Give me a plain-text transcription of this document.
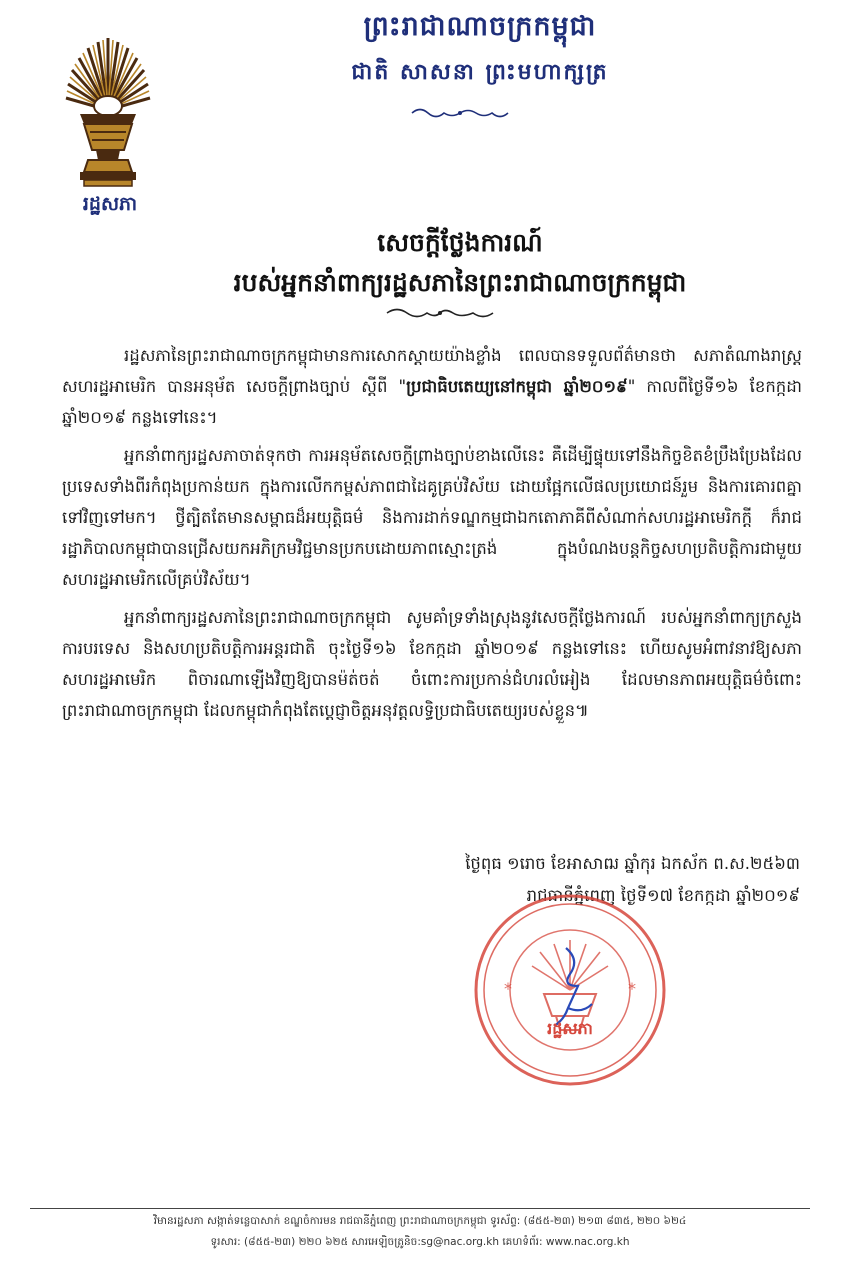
រដ្ឋសភា
ព្រះរាជាណាចក្រកម្ពុជា
ជាតិ សាសនា ព្រះមហាក្សត្រ
សេចក្តីថ្លែងការណ៍
របស់អ្នកនាំពាក្យរដ្ឋសភានៃព្រះរាជាណាចក្រកម្ពុជា

រដ្ឋសភានៃព្រះរាជាណាចក្រកម្ពុជាមានការសោកស្តាយយ៉ាងខ្លាំង ពេលបានទទួលព័ត៌មានថា សភាតំណាងរាស្ត្រសហរដ្ឋអាមេរិក បានអនុម័ត សេចក្តីព្រាងច្បាប់ ស្តីពី "ប្រជាធិបតេយ្យនៅកម្ពុជា ឆ្នាំ២០១៩" កាលពីថ្ងៃទី១៦ ខែកក្កដា ឆ្នាំ២០១៩ កន្លងទៅនេះ។

អ្នកនាំពាក្យរដ្ឋសភាចាត់ទុកថា ការអនុម័តសេចក្តីព្រាងច្បាប់ខាងលើនេះ គឺដើម្បីផ្ទុយទៅនឹងកិច្ចខិតខំប្រឹងប្រែងដែលប្រទេសទាំងពីរកំពុងប្រកាន់យក ក្នុងការលើកកម្ពស់ភាពជាដៃគូគ្រប់វិស័យ ដោយផ្អែកលើផលប្រយោជន៍រួម និងការគោរពគ្នាទៅវិញទៅមក។ ថ្វីត្បិតតែមានសម្ពាធដ៏អយុត្តិធម៌ និងការដាក់ទណ្ឌកម្មជាឯកតោភាគីពីសំណាក់សហរដ្ឋអាមេរិកក្តី ក៏រាជរដ្ឋាភិបាលកម្ពុជាបានជ្រើសយកអភិក្រមវិជ្ជមានប្រកបដោយភាពស្មោះត្រង់ ក្នុងបំណងបន្តកិច្ចសហប្រតិបត្តិការជាមួយសហរដ្ឋអាមេរិកលើគ្រប់វិស័យ។

អ្នកនាំពាក្យរដ្ឋសភានៃព្រះរាជាណាចក្រកម្ពុជា សូមគាំទ្រទាំងស្រុងនូវសេចក្តីថ្លែងការណ៍ របស់អ្នកនាំពាក្យក្រសួងការបរទេស និងសហប្រតិបត្តិការអន្តរជាតិ ចុះថ្ងៃទី១៦ ខែកក្កដា ឆ្នាំ២០១៩ កន្លងទៅនេះ ហើយសូមអំពាវនាវឱ្យសភាសហរដ្ឋអាមេរិក ពិចារណាឡើងវិញឱ្យបានម៉ត់ចត់ ចំពោះការប្រកាន់ជំហរលំអៀង ដែលមានភាពអយុត្តិធម៌ចំពោះព្រះរាជាណាចក្រកម្ពុជា ដែលកម្ពុជាកំពុងតែប្តេជ្ញាចិត្តអនុវត្តលទ្ធិប្រជាធិបតេយ្យរបស់ខ្លួន៕

ថ្ងៃពុធ ១រោច ខែអាសាឍ ឆ្នាំកុរ ឯកស័ក ព.ស.២៥៦៣
រាជធានីភ្នំពេញ ថ្ងៃទី១៧ ខែកក្កដា ឆ្នាំ២០១៩
*	*
រដ្ឋសភា
វិមានរដ្ឋសភា សង្កាត់ទន្លេបាសាក់ ខណ្ឌចំការមន រាជធានីភ្នំពេញ ព្រះរាជាណាចក្រកម្ពុជា ទូរស័ព្ទ: (៨៥៥-២៣) ២១៣ ៨៣៥, ២២០ ៦២៤
ទូរសារ: (៨៥៥-២៣) ២២០ ៦២៥ សារអេឡិចត្រូនិច:sg@nac.org.kh គេហទំព័រ: www.nac.org.kh
